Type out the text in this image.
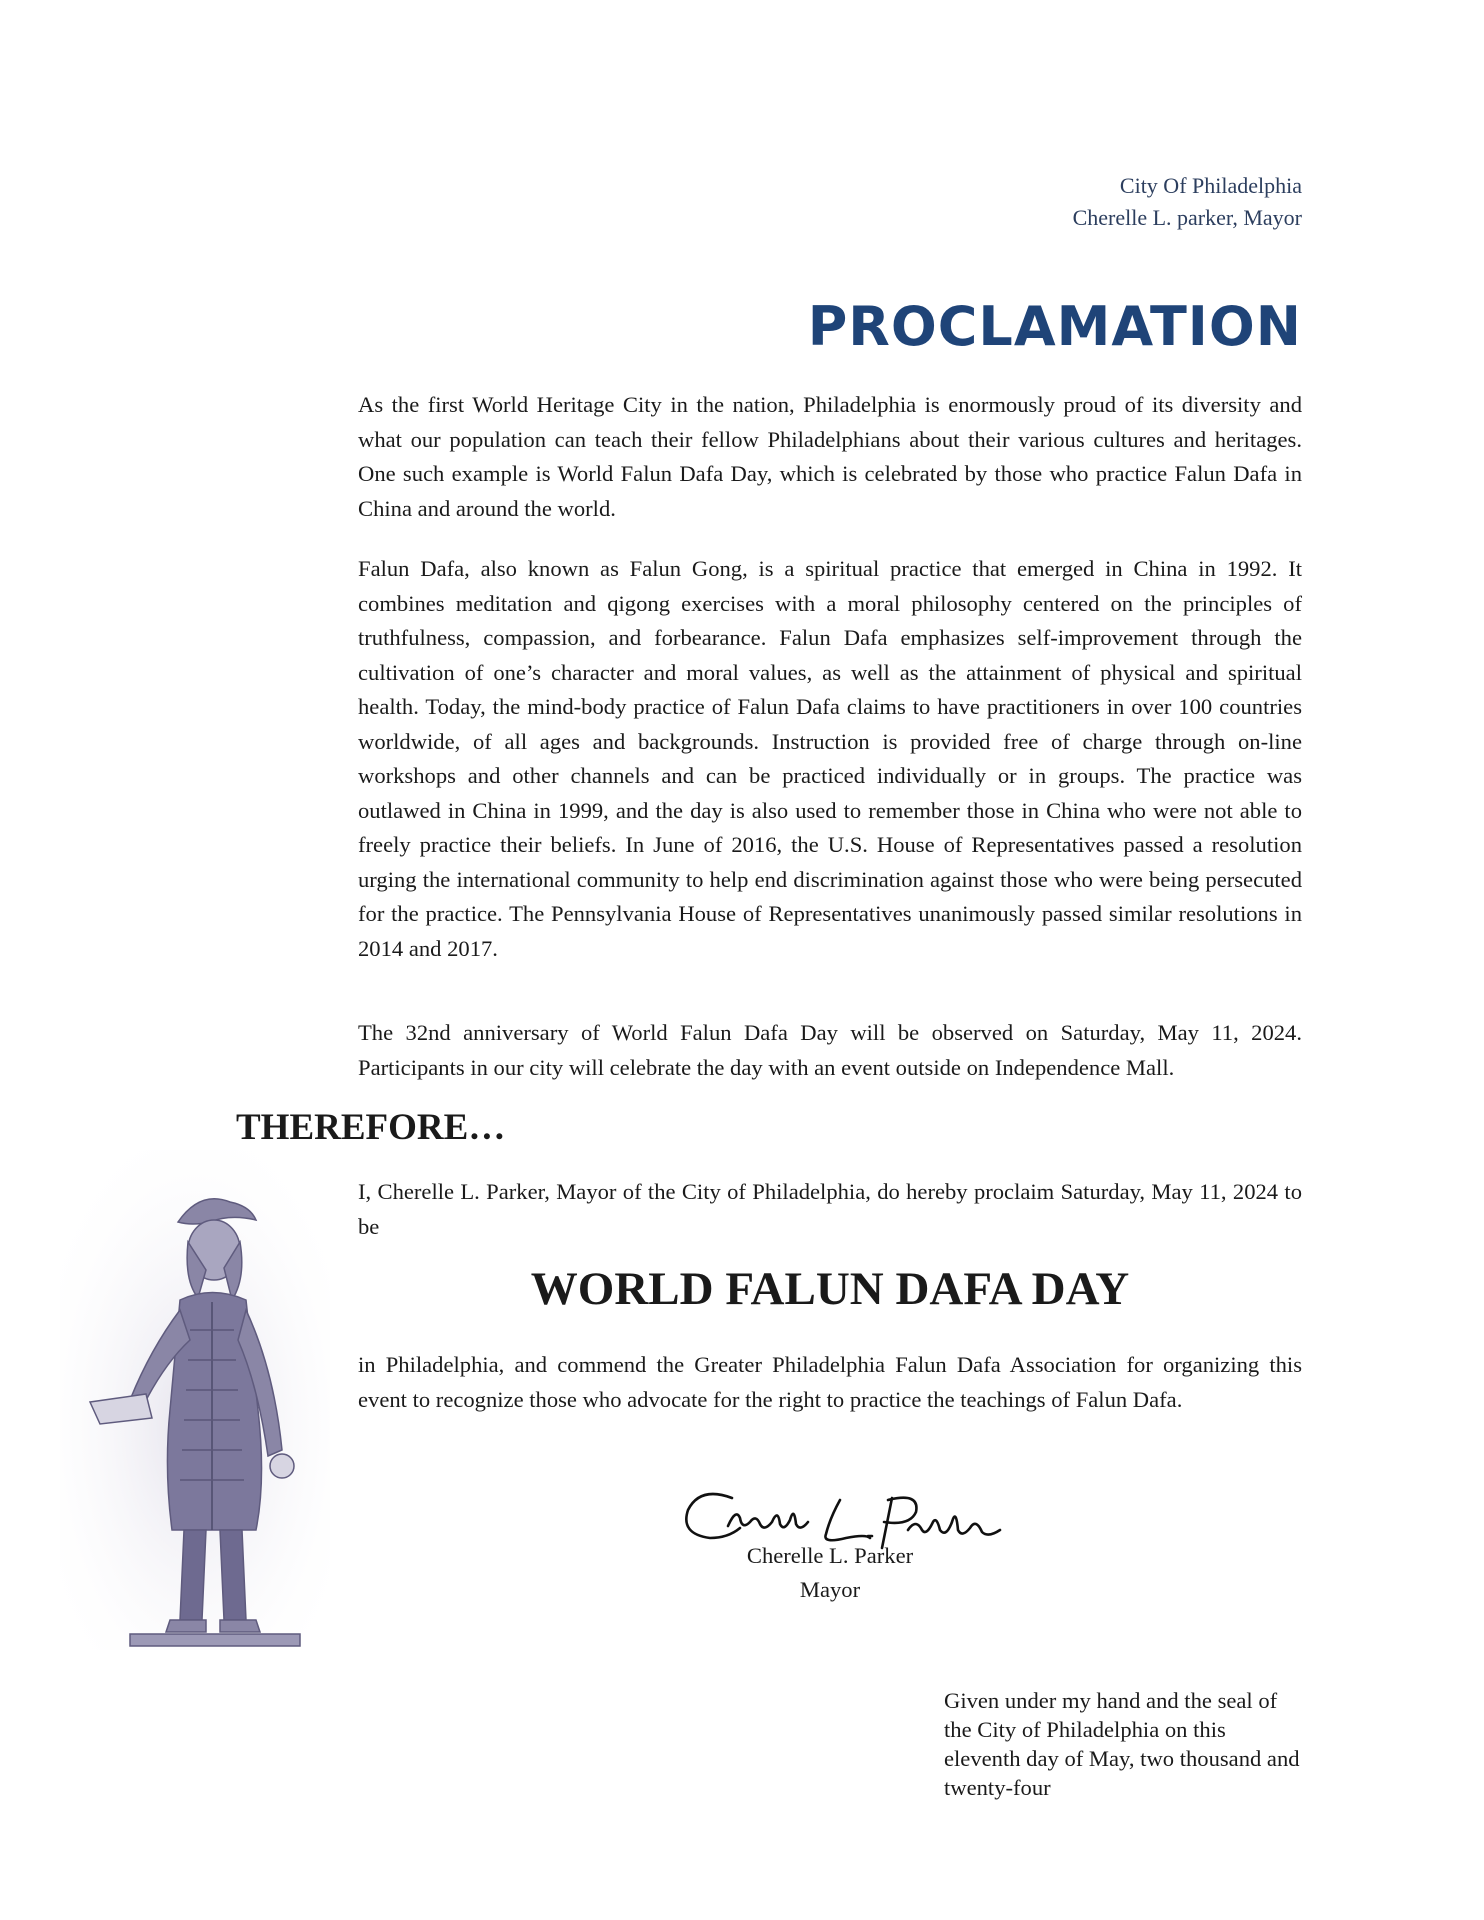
City Of Philadelphia
Cherelle L. parker, Mayor
PROCLAMATION

As the first World Heritage City in the nation, Philadelphia is enormously proud of its diversity and what our population can teach their fellow Philadelphians about their various cultures and heritages. One such example is World Falun Dafa Day, which is celebrated by those who practice Falun Dafa in China and around the world.

Falun Dafa, also known as Falun Gong, is a spiritual practice that emerged in China in 1992. It combines meditation and qigong exercises with a moral philosophy centered on the principles of truthfulness, compassion, and forbearance. Falun Dafa emphasizes self-improvement through the cultivation of one’s character and moral values, as well as the attainment of physical and spiritual health. Today, the mind-body practice of Falun Dafa claims to have practitioners in over 100 countries worldwide, of all ages and backgrounds. Instruction is provided free of charge through on-line workshops and other channels and can be practiced individually or in groups. The practice was outlawed in China in 1999, and the day is also used to remember those in China who were not able to freely practice their beliefs. In June of 2016, the U.S. House of Representatives passed a resolution urging the international community to help end discrimination against those who were being persecuted for the practice. The Pennsylvania House of Representatives unanimously passed similar resolutions in 2014 and 2017.

The 32nd anniversary of World Falun Dafa Day will be observed on Saturday, May 11, 2024. Participants in our city will celebrate the day with an event outside on Independence Mall.

THEREFORE…

I, Cherelle L. Parker, Mayor of the City of Philadelphia, do hereby proclaim Saturday, May 11, 2024 to be

WORLD FALUN DAFA DAY

in Philadelphia, and commend the Greater Philadelphia Falun Dafa Association for organizing this event to recognize those who advocate for the right to practice the teachings of Falun Dafa.

Cherelle L. Parker
Mayor

Given under my hand and the seal of the City of Philadelphia on this eleventh day of May, two thousand and twenty-four
